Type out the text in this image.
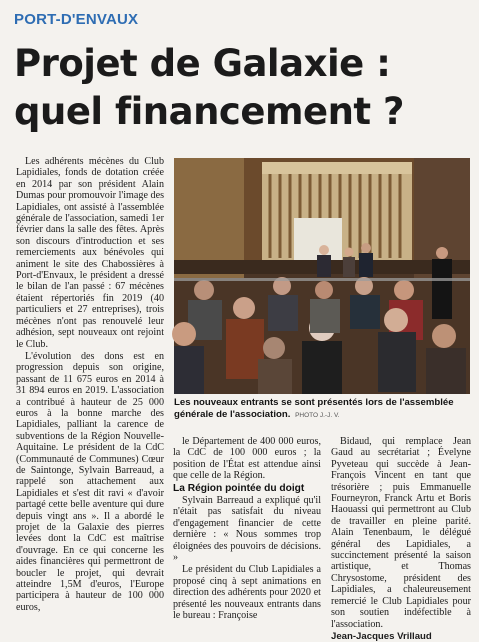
PORT-D'ENVAUX
Projet de Galaxie :
quel financement ?

Les adhérents mécènes du Club Lapidiales, fonds de dotation créée en 2014 par son président Alain Dumas pour promouvoir l'image des Lapidiales, ont assisté à l'assemblée générale de l'association, samedi 1er février dans la salle des fêtes. Après son discours d'introduction et ses remerciements aux bénévoles qui animent le site des Chabossières à Port-d'Envaux, le président a dressé le bilan de l'an passé : 67 mécènes étaient répertoriés fin 2019 (40 particuliers et 27 entreprises), trois mécènes n'ont pas renouvelé leur adhésion, sept nouveaux ont rejoint le Club.

L'évolution des dons est en progression depuis son origine, passant de 11 675 euros en 2014 à 31 894 euros en 2019. L'association a contribué à hauteur de 25 000 euros à la bonne marche des Lapidiales, palliant la carence de subventions de la Région Nouvelle-Aquitaine. Le président de la CdC (Communauté de Communes) Cœur de Saintonge, Sylvain Barreaud, a rappelé son attachement aux Lapidiales et s'est dit ravi « d'avoir partagé cette belle aventure qui dure depuis vingt ans ». Il a abordé le projet de la Galaxie des pierres levées dont la CdC est maîtrise d'ouvrage. En ce qui concerne les aides financières qui permettront de boucler le projet, qui devrait atteindre 1,5M d'euros, l'Europe participera à hauteur de 100 000 euros,

Les nouveaux entrants se sont présentés lors de l'assemblée générale de l'association. PHOTO J.-J. V.

le Département de 400 000 euros, la CdC de 100 000 euros ; la position de l'État est attendue ainsi que celle de la Région.

La Région pointée du doigt

Sylvain Barreaud a expliqué qu'il n'était pas satisfait du niveau d'engagement financier de cette dernière : « Nous sommes trop éloignées des pouvoirs de décisions. »

Le président du Club Lapidiales a proposé cinq à sept animations en direction des adhérents pour 2020 et présenté les nouveaux entrants dans le bureau : Françoise

Bidaud, qui remplace Jean Gaud au secrétariat ; Évelyne Pyveteau qui succède à Jean-François Vincent en tant que trésorière ; puis Emmanuelle Fourneyron, Franck Artu et Boris Haouassi qui permettront au Club de travailler en pleine parité. Alain Tenenbaum, le délégué général des Lapidiales, a succinctement présenté la saison artistique, et Thomas Chrysostome, président des Lapidiales, a chaleureusement remercié le Club Lapidiales pour son soutien indéfectible à l'association.

Jean-Jacques Vrillaud
